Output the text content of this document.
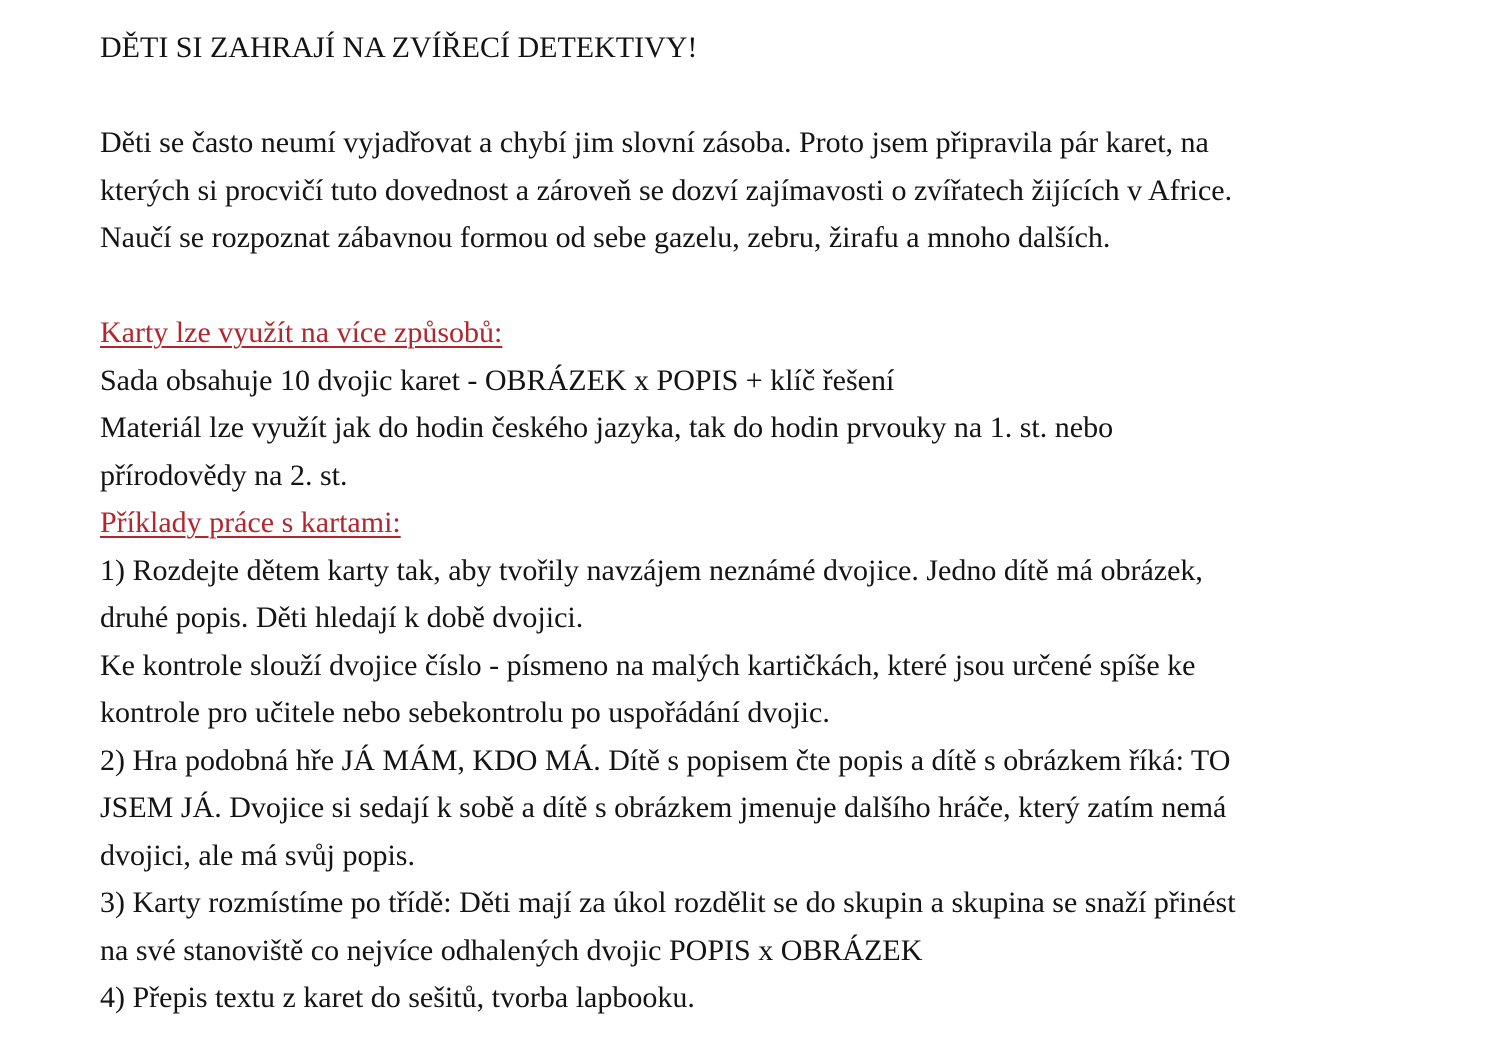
DĚTI SI ZAHRAJÍ NA ZVÍŘECÍ DETEKTIVY!
Děti se často neumí vyjadřovat a chybí jim slovní zásoba. Proto jsem připravila pár karet, na
kterých si procvičí tuto dovednost a zároveň se dozví zajímavosti o zvířatech žijících v Africe.
Naučí se rozpoznat zábavnou formou od sebe gazelu, zebru, žirafu a mnoho dalších.
Karty lze využít na více způsobů:
Sada obsahuje 10 dvojic karet - OBRÁZEK x POPIS + klíč řešení
Materiál lze využít jak do hodin českého jazyka, tak do hodin prvouky na 1. st. nebo
přírodovědy na 2. st.
Příklady práce s kartami:
1) Rozdejte dětem karty tak, aby tvořily navzájem neznámé dvojice. Jedno dítě má obrázek,
druhé popis. Děti hledají k době dvojici.
Ke kontrole slouží dvojice číslo - písmeno na malých kartičkách, které jsou určené spíše ke
kontrole pro učitele nebo sebekontrolu po uspořádání dvojic.
2) Hra podobná hře JÁ MÁM, KDO MÁ. Dítě s popisem čte popis a dítě s obrázkem říká: TO
JSEM JÁ. Dvojice si sedají k sobě a dítě s obrázkem jmenuje dalšího hráče, který zatím nemá
dvojici, ale má svůj popis.
3) Karty rozmístíme po třídě: Děti mají za úkol rozdělit se do skupin a skupina se snaží přinést
na své stanoviště co nejvíce odhalených dvojic POPIS x OBRÁZEK
4) Přepis textu z karet do sešitů, tvorba lapbooku.
